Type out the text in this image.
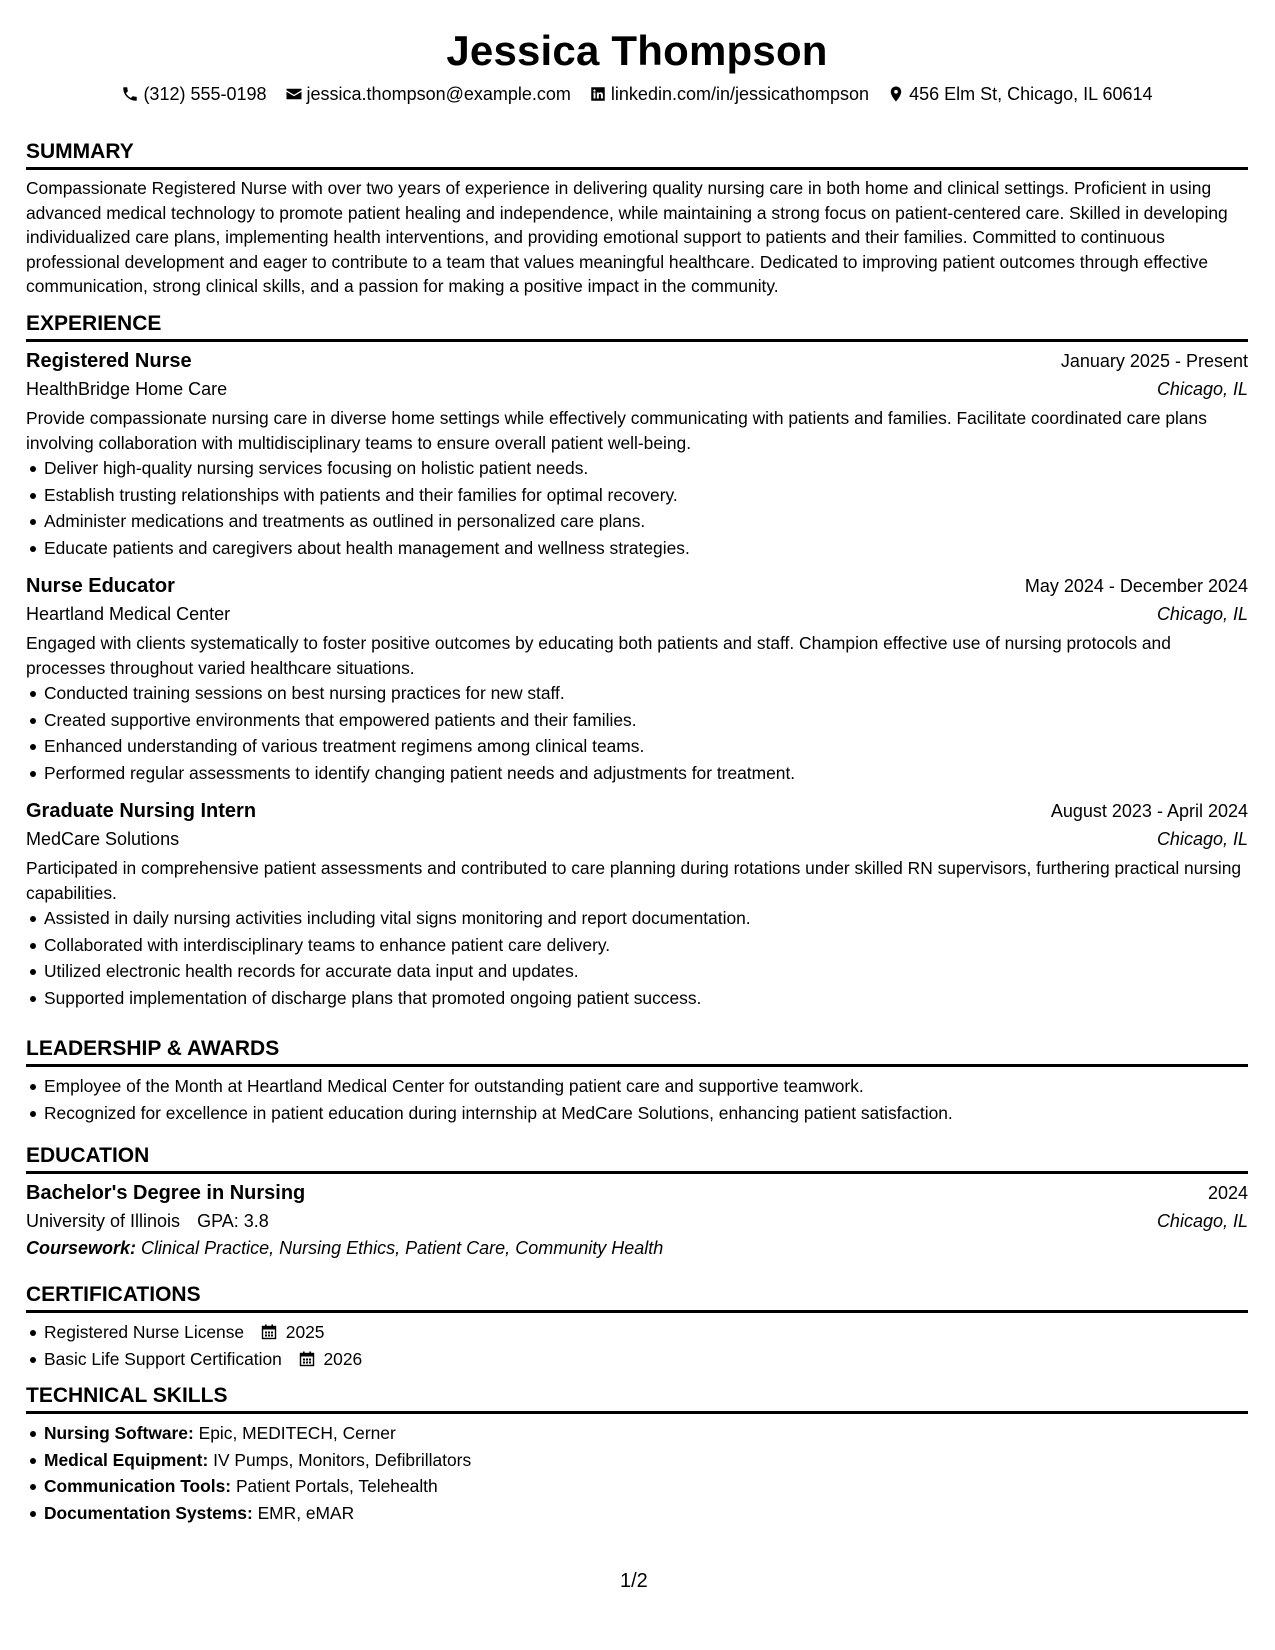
Jessica Thompson
(312) 555-0198 jessica.thompson@example.com linkedin.com/in/jessicathompson 456 Elm St, Chicago, IL 60614
SUMMARY
Compassionate Registered Nurse with over two years of experience in delivering quality nursing care in both home and clinical settings. Proficient in using advanced medical technology to promote patient healing and independence, while maintaining a strong focus on patient-centered care. Skilled in developing individualized care plans, implementing health interventions, and providing emotional support to patients and their families. Committed to continuous professional development and eager to contribute to a team that values meaningful healthcare. Dedicated to improving patient outcomes through effective communication, strong clinical skills, and a passion for making a positive impact in the community.
EXPERIENCE
Registered Nurse	January 2025 - Present
HealthBridge Home Care	Chicago, IL
Provide compassionate nursing care in diverse home settings while effectively communicating with patients and families. Facilitate coordinated care plans involving collaboration with multidisciplinary teams to ensure overall patient well-being.
Deliver high-quality nursing services focusing on holistic patient needs.
Establish trusting relationships with patients and their families for optimal recovery.
Administer medications and treatments as outlined in personalized care plans.
Educate patients and caregivers about health management and wellness strategies.
Nurse Educator	May 2024 - December 2024
Heartland Medical Center	Chicago, IL
Engaged with clients systematically to foster positive outcomes by educating both patients and staff. Champion effective use of nursing protocols and processes throughout varied healthcare situations.
Conducted training sessions on best nursing practices for new staff.
Created supportive environments that empowered patients and their families.
Enhanced understanding of various treatment regimens among clinical teams.
Performed regular assessments to identify changing patient needs and adjustments for treatment.
Graduate Nursing Intern	August 2023 - April 2024
MedCare Solutions	Chicago, IL
Participated in comprehensive patient assessments and contributed to care planning during rotations under skilled RN supervisors, furthering practical nursing capabilities.
Assisted in daily nursing activities including vital signs monitoring and report documentation.
Collaborated with interdisciplinary teams to enhance patient care delivery.
Utilized electronic health records for accurate data input and updates.
Supported implementation of discharge plans that promoted ongoing patient success.
LEADERSHIP & AWARDS
Employee of the Month at Heartland Medical Center for outstanding patient care and supportive teamwork.
Recognized for excellence in patient education during internship at MedCare Solutions, enhancing patient satisfaction.
EDUCATION
Bachelor's Degree in Nursing	2024
University of Illinois GPA: 3.8	Chicago, IL
Coursework: Clinical Practice, Nursing Ethics, Patient Care, Community Health
CERTIFICATIONS
Registered Nurse License 2025
Basic Life Support Certification 2026
TECHNICAL SKILLS
Nursing Software: Epic, MEDITECH, Cerner
Medical Equipment: IV Pumps, Monitors, Defibrillators
Communication Tools: Patient Portals, Telehealth
Documentation Systems: EMR, eMAR
1/2
